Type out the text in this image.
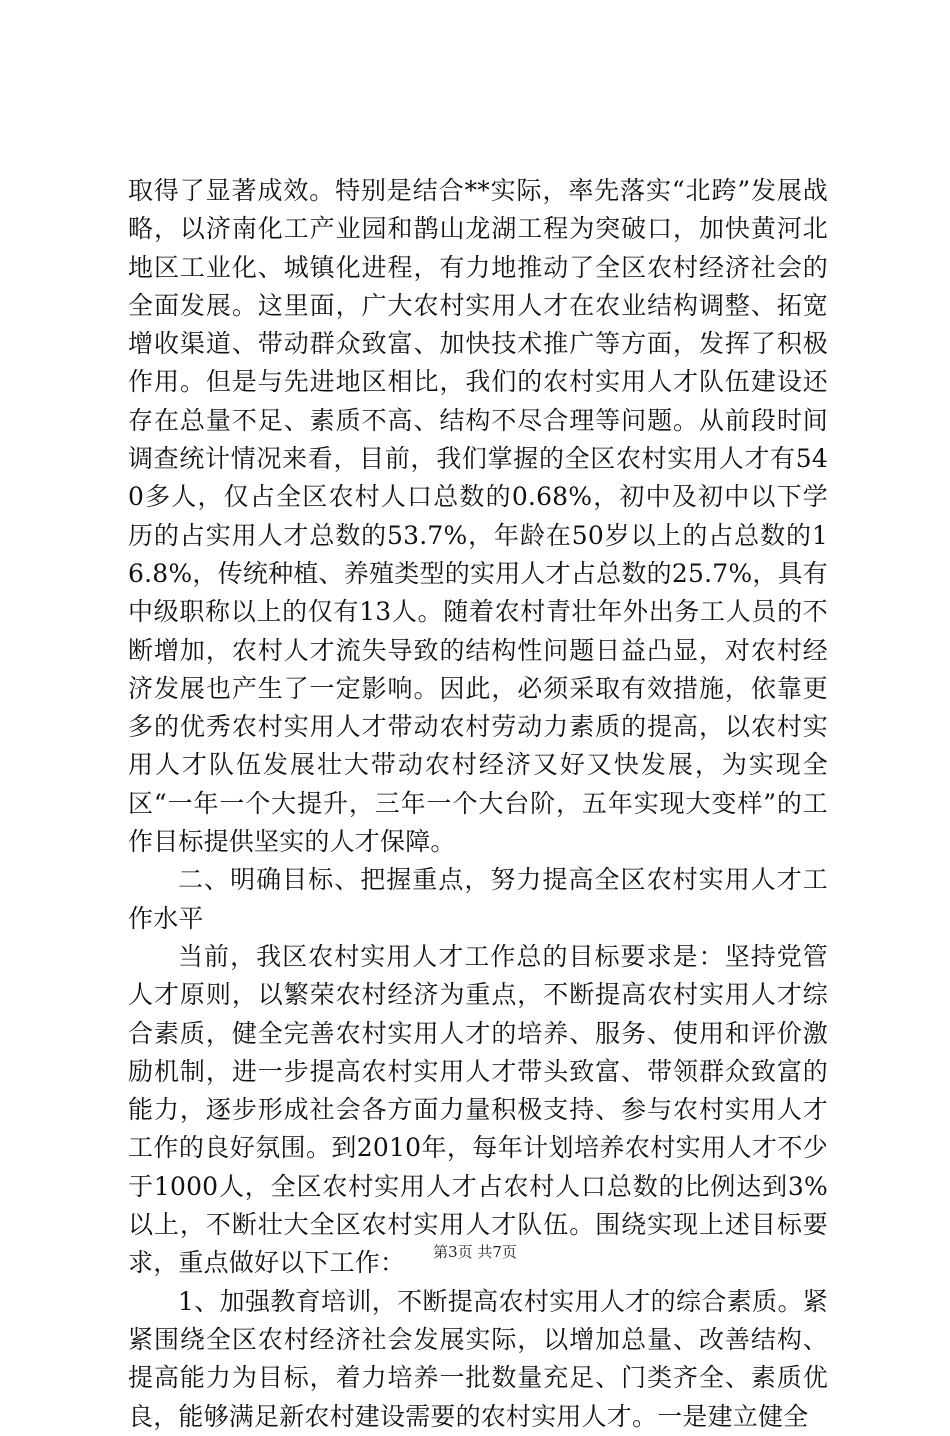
取得了显著成效。特别是结合**实际，率先落实“北跨”发展战略，以济南化工产业园和鹊山龙湖工程为突破口，加快黄河北地区工业化、城镇化进程，有力地推动了全区农村经济社会的全面发展。这里面，广大农村实用人才在农业结构调整、拓宽增收渠道、带动群众致富、加快技术推广等方面，发挥了积极作用。但是与先进地区相比，我们的农村实用人才队伍建设还存在总量不足、素质不高、结构不尽合理等问题。从前段时间调查统计情况来看，目前，我们掌握的全区农村实用人才有540多人，仅占全区农村人口总数的0.68%，初中及初中以下学历的占实用人才总数的53.7%，年龄在50岁以上的占总数的16.8%，传统种植、养殖类型的实用人才占总数的25.7%，具有中级职称以上的仅有13人。随着农村青壮年外出务工人员的不断增加，农村人才流失导致的结构性问题日益凸显，对农村经济发展也产生了一定影响。因此，必须采取有效措施，依靠更多的优秀农村实用人才带动农村劳动力素质的提高，以农村实用人才队伍发展壮大带动农村经济又好又快发展，为实现全区“一年一个大提升，三年一个大台阶，五年实现大变样”的工作目标提供坚实的人才保障。

二、明确目标、把握重点，努力提高全区农村实用人才工作水平

当前，我区农村实用人才工作总的目标要求是：坚持党管人才原则，以繁荣农村经济为重点，不断提高农村实用人才综合素质，健全完善农村实用人才的培养、服务、使用和评价激励机制，进一步提高农村实用人才带头致富、带领群众致富的能力，逐步形成社会各方面力量积极支持、参与农村实用人才工作的良好氛围。到2010年，每年计划培养农村实用人才不少于1000人，全区农村实用人才占农村人口总数的比例达到3%以上，不断壮大全区农村实用人才队伍。围绕实现上述目标要求，重点做好以下工作：

1、加强教育培训，不断提高农村实用人才的综合素质。紧紧围绕全区农村经济社会发展实际，以增加总量、改善结构、提高能力为目标，着力培养一批数量充足、门类齐全、素质优良，能够满足新农村建设需要的农村实用人才。一是建立健全

第3页 共7页
